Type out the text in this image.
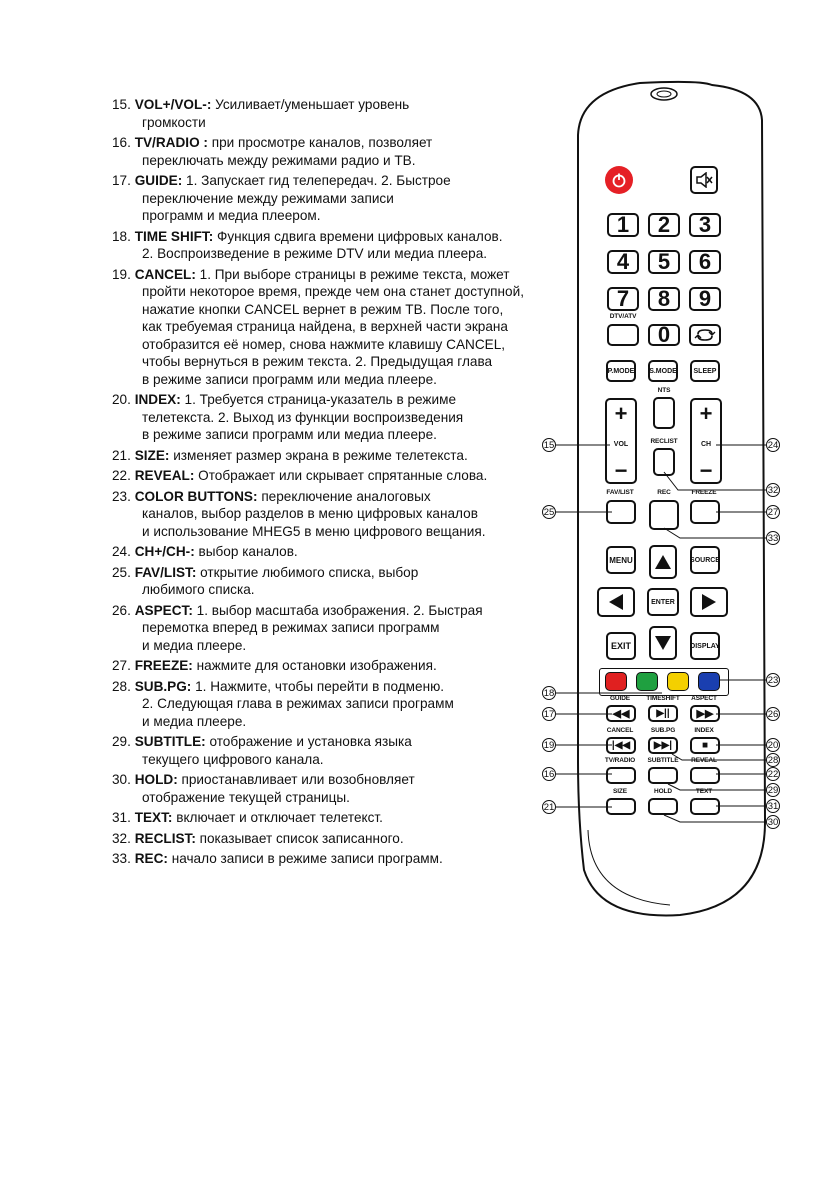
15. VOL+/VOL-: Усиливает/уменьшает уровень
громкости
16. TV/RADIO : при просмотре каналов, позволяет
переключать между режимами радио и ТВ.
17. GUIDE: 1. Запускает гид телепередач. 2. Быстрое
переключение между режимами записи
программ и медиа плеером.
18. TIME SHIFT: Функция сдвига времени цифровых каналов.
2. Воспроизведение в режиме DTV или медиа плеера.
19. CANCEL: 1. При выборе страницы в режиме текста, может
пройти некоторое время, прежде чем она станет доступной,
нажатие кнопки CANCEL вернет в режим ТВ. После того,
как требуемая страница найдена, в верхней части экрана
отобразится её номер, снова нажмите клавишу CANCEL,
чтобы вернуться в режим текста. 2. Предыдущая глава
в режиме записи программ или медиа плеере.
20. INDEX: 1. Требуется страница-указатель в режиме
телетекста. 2. Выход из функции воспроизведения
в режиме записи программ или медиа плеере.
21. SIZE: изменяет размер экрана в режиме телетекста.
22. REVEAL: Отображает или скрывает спрятанные слова.
23. COLOR BUTTONS: переключение аналоговых
каналов, выбор разделов в меню цифровых каналов
и использование MHEG5 в меню цифрового вещания.
24. CH+/CH-: выбор каналов.
25. FAV/LIST: открытие любимого списка, выбор
любимого списка.
26. ASPECT: 1. выбор масштаба изображения. 2. Быстрая
перемотка вперед в режимах записи программ
и медиа плеере.
27. FREEZE: нажмите для остановки изображения.
28. SUB.PG: 1. Нажмите, чтобы перейти в подменю.
2. Следующая глава в режимах записи программ
и медиа плеере.
29. SUBTITLE: отображение и установка языка
текущего цифрового канала.
30. HOLD: приостанавливает или возобновляет
отображение текущей страницы.
31. TEXT: включает и отключает телетекст.
32. RECLIST: показывает список записанного.
33. REC: начало записи в режиме записи программ.
1	2	3
4	5	6
7	8	9
DTV/ATV
0
P.MODE S.MODE	SLEEP
+
VOL
−
+
CH
−
NTS
RECLIST
FAV/LIST	REC	FREEZE
MENU	SOURCE
ENTER
EXIT	DISPLAY
GUIDE	TIMESHIFT	ASPECT
◀◀	▶|| ▶▶
CANCEL	SUB.PG	INDEX
|◀◀ ▶▶|	■
TV/RADIO	SUBTITLE	REVEAL
SIZE	HOLD	TEXT
15	24
32
25	27
33
18
23
17	26
19	20
28
16	22
29
21	31
30
